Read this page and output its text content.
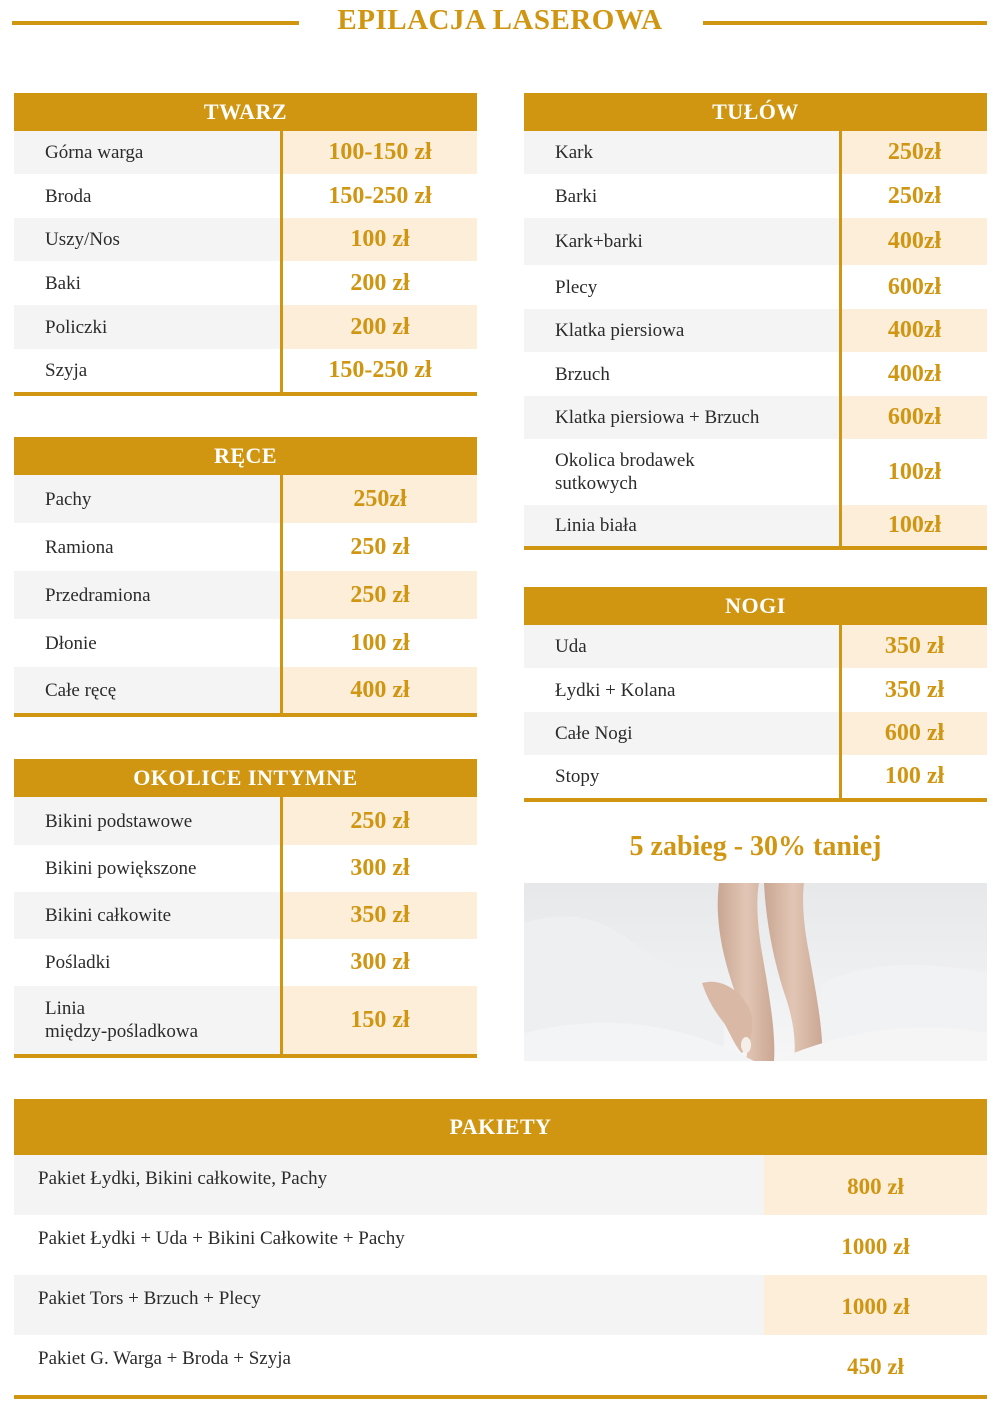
EPILACJA LASEROWA
TWARZ
Górna warga	100-150 zł
Broda	150-250 zł
Uszy/Nos	100 zł
Baki	200 zł
Policzki	200 zł
Szyja	150-250 zł
RĘCE
Pachy	250zł
Ramiona	250 zł
Przedramiona	250 zł
Dłonie	100 zł
Całe ręcę	400 zł
OKOLICE INTYMNE
Bikini podstawowe	250 zł
Bikini powiększone	300 zł
Bikini całkowite	350 zł
Pośladki	300 zł
Linia
między-pośladkowa	150 zł
TUŁÓW
Kark	250zł
Barki	250zł
Kark+barki	400zł
Plecy	600zł
Klatka piersiowa	400zł
Brzuch	400zł
Klatka piersiowa + Brzuch	600zł
Okolica brodawek
sutkowych	100zł
Linia biała	100zł
NOGI
Uda	350 zł
Łydki + Kolana	350 zł
Całe Nogi	600 zł
Stopy	100 zł
5 zabieg - 30% taniej
PAKIETY
Pakiet Łydki, Bikini całkowite, Pachy	800 zł
Pakiet Łydki + Uda + Bikini Całkowite + Pachy	1000 zł
Pakiet Tors + Brzuch + Plecy	1000 zł
Pakiet G. Warga + Broda + Szyja	450 zł
